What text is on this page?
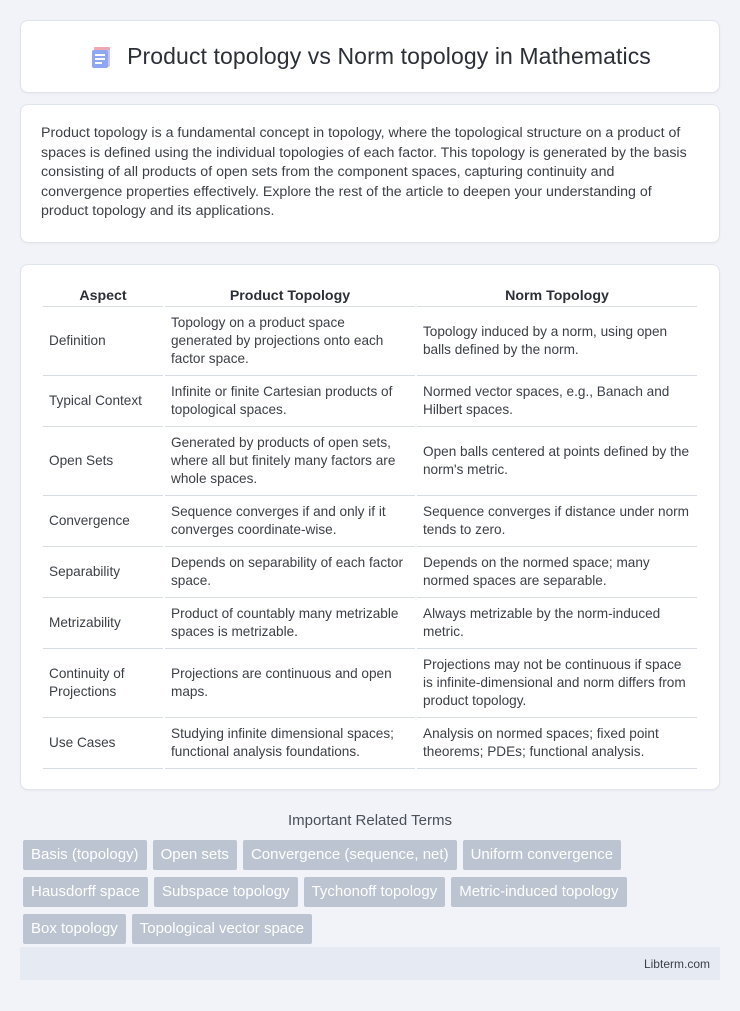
Product topology vs Norm topology in Mathematics

Product topology is a fundamental concept in topology, where the topological structure on a product of spaces is defined using the individual topologies of each factor. This topology is generated by the basis consisting of all products of open sets from the component spaces, capturing continuity and convergence properties effectively. Explore the rest of the article to deepen your understanding of product topology and its applications.

Aspect	Product Topology	Norm Topology
Definition	Topology on a product space generated by projections onto each factor space.	Topology induced by a norm, using open balls defined by the norm.
Typical Context	Infinite or finite Cartesian products of topological spaces.	Normed vector spaces, e.g., Banach and Hilbert spaces.
Open Sets	Generated by products of open sets, where all but finitely many factors are whole spaces.	Open balls centered at points defined by the norm's metric.
Convergence	Sequence converges if and only if it converges coordinate-wise.	Sequence converges if distance under norm tends to zero.
Separability	Depends on separability of each factor space.	Depends on the normed space; many normed spaces are separable.
Metrizability	Product of countably many metrizable spaces is metrizable.	Always metrizable by the norm-induced metric.
Continuity of Projections	Projections are continuous and open maps.	Projections may not be continuous if space is infinite-dimensional and norm differs from product topology.
Use Cases	Studying infinite dimensional spaces; functional analysis foundations.	Analysis on normed spaces; fixed point theorems; PDEs; functional analysis.
Important Related Terms
Basis (topology)	Open sets	Convergence (sequence, net)	Uniform convergence
Hausdorff space	Subspace topology	Tychonoff topology	Metric-induced topology
Box topology	Topological vector space
Libterm.com
